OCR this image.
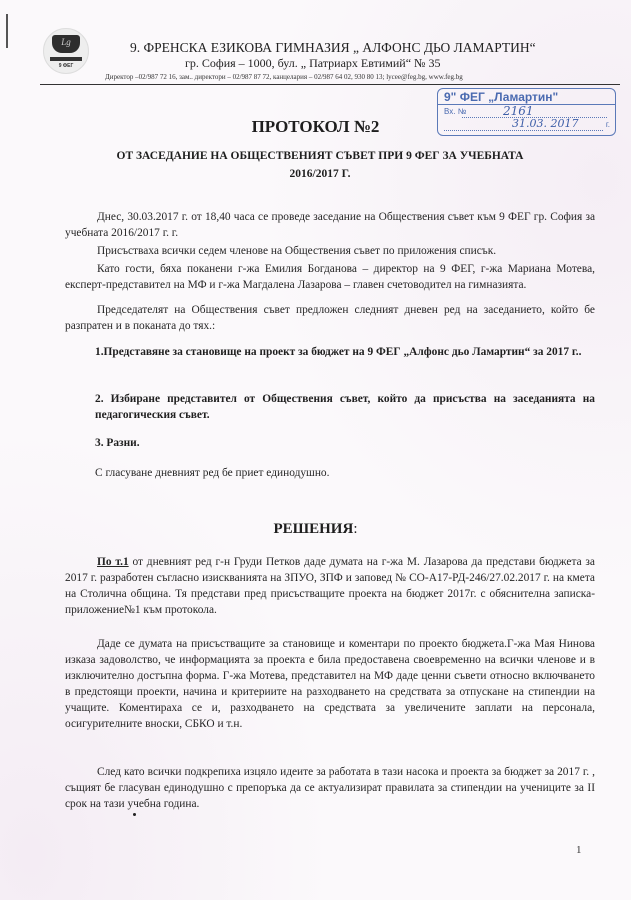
Lg
9 ФЕГ
9. ФРЕНСКА ЕЗИКОВА ГИМНАЗИЯ „ АЛФОНС ДЬО ЛАМАРТИН“
гр. София – 1000, бул. „ Патриарх Евтимий“ № 35
Директор –02/987 72 16, зам.. директори – 02/987 87 72, канцелария – 02/987 64 02, 930 80 13; lycee@feg.bg, www.feg.bg
9" ФЕГ „Ламартин"
Вх. №	2161
31.03. 2017	г.
ПРОТОКОЛ №2
ОТ ЗАСЕДАНИЕ НА ОБЩЕСТВЕНИЯТ СЪВЕТ ПРИ 9 ФЕГ ЗА УЧЕБНАТА
2016/2017 Г.
Днес, 30.03.2017 г. от 18,40 часа се проведе заседание на Обществения съвет към 9 ФЕГ гр. София за учебната 2016/2017 г. г.
Присъстваха всички седем членове на Обществения съвет по приложения списък.
Като гости, бяха поканени г-жа Емилия Богданова – директор на 9 ФЕГ, г-жа Мариана Мотева, експерт-представител на МФ и г-жа Магдалена Лазарова – главен счетоводител на гимназията.
Председателят на Обществения съвет предложен следният дневен ред на заседанието, който бе разпратен и в поканата до тях.:
1.Представяне за становище на проект за бюджет на 9 ФЕГ „Алфонс дьо Ламартин“ за 2017 г..
2. Избиране представител от Обществения съвет, който да присъства на заседанията на педагогическия съвет.
3. Разни.
С гласуване дневният ред бе приет единодушно.
РЕШЕНИЯ:
По т.1 от дневният ред г-н Груди Петков даде думата на г-жа М. Лазарова да представи бюджета за 2017 г. разработен съгласно изискванията на ЗПУО, ЗПФ и заповед № СО-А17-РД-246/27.02.2017 г. на кмета на Столична община. Тя представи пред присъстващите проекта на бюджет 2017г. с обяснителна записка-приложение№1 към протокола.
Даде се думата на присъстващите за становище и коментари по проекто бюджета.Г-жа Мая Нинова изказа задоволство, че информацията за проекта е била предоставена своевременно на всички членове и в изключително достъпна форма. Г-жа Мотева, представител на МФ даде ценни съвети относно включването в предстоящи проекти, начина и критериите на разходването на средствата за отпускане на стипендии на учащите. Коментираха се и, разходването на средствата за увеличените заплати на персонала, осигурителните вноски, СБКО и т.н.
След като всички подкрепиха изцяло идеите за работата в тази насока и проекта за бюджет за 2017 г. , същият бе гласуван единодушно с препоръка да се актуализират правилата за стипендии на учениците за II срок на тази учебна година.
1
